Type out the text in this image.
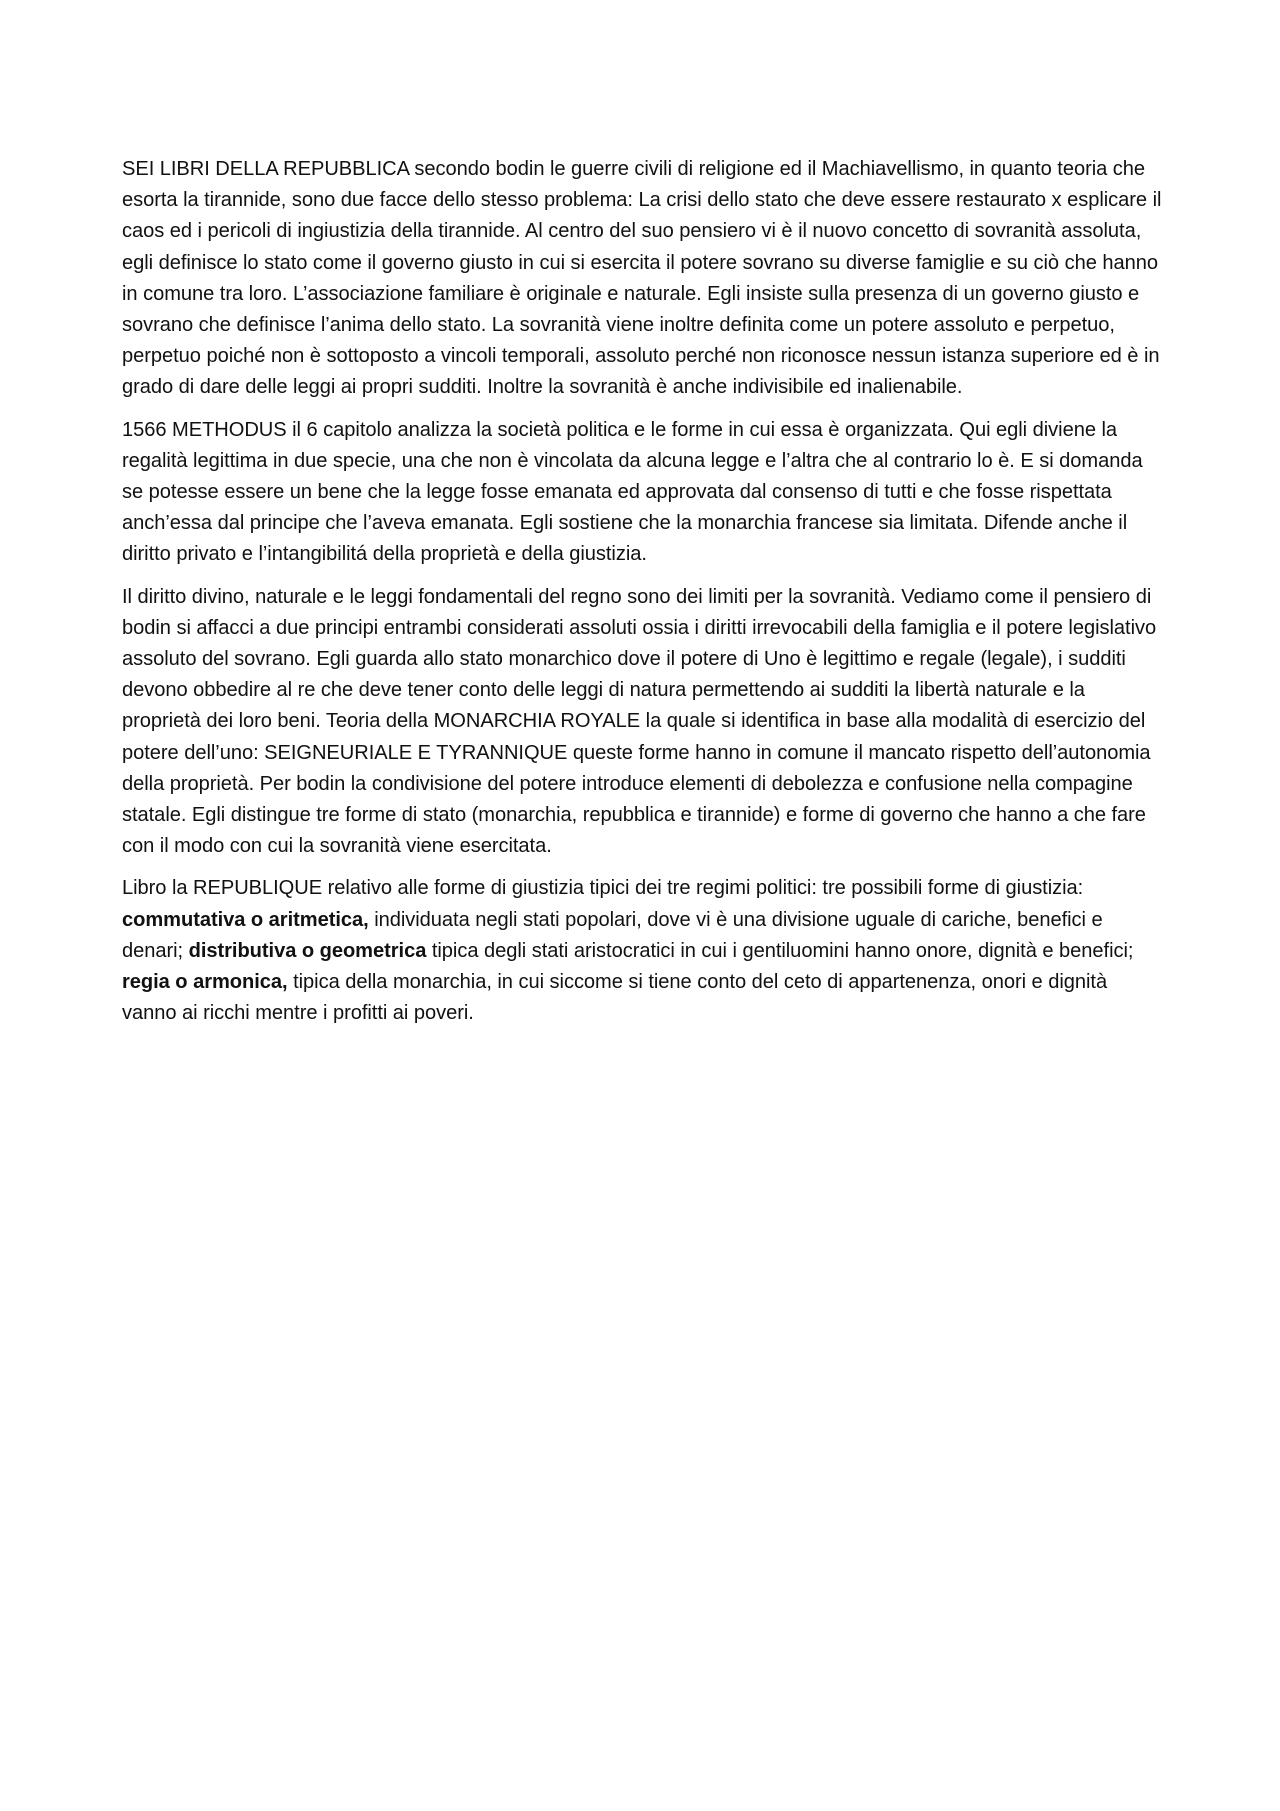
SEI LIBRI DELLA REPUBBLICA secondo bodin le guerre civili di religione ed il Machiavellismo, in quanto teoria che esorta la tirannide, sono due facce dello stesso problema: La crisi dello stato che deve essere restaurato x esplicare il caos ed i pericoli di ingiustizia della tirannide. Al centro del suo pensiero vi è il nuovo concetto di sovranità assoluta, egli definisce lo stato come il governo giusto in cui si esercita il potere sovrano su diverse famiglie e su ciò che hanno in comune tra loro. L’associazione familiare è originale e naturale. Egli insiste sulla presenza di un governo giusto e sovrano che definisce l’anima dello stato. La sovranità viene inoltre definita come un potere assoluto e perpetuo, perpetuo poiché non è sottoposto a vincoli temporali, assoluto perché non riconosce nessun istanza superiore ed è in grado di dare delle leggi ai propri sudditi. Inoltre la sovranità è anche indivisibile ed inalienabile.

1566 METHODUS il 6 capitolo analizza la società politica e le forme in cui essa è organizzata. Qui egli diviene la regalità legittima in due specie, una che non è vincolata da alcuna legge e l’altra che al contrario lo è. E si domanda se potesse essere un bene che la legge fosse emanata ed approvata dal consenso di tutti e che fosse rispettata anch’essa dal principe che l’aveva emanata. Egli sostiene che la monarchia francese sia limitata. Difende anche il diritto privato e l’intangibilitá della proprietà e della giustizia.

Il diritto divino, naturale e le leggi fondamentali del regno sono dei limiti per la sovranità. Vediamo come il pensiero di bodin si affacci a due principi entrambi considerati assoluti ossia i diritti irrevocabili della famiglia e il potere legislativo assoluto del sovrano. Egli guarda allo stato monarchico dove il potere di Uno è legittimo e regale (legale), i sudditi devono obbedire al re che deve tener conto delle leggi di natura permettendo ai sudditi la libertà naturale e la proprietà dei loro beni. Teoria della MONARCHIA ROYALE la quale si identifica in base alla modalità di esercizio del potere dell’uno: SEIGNEURIALE E TYRANNIQUE queste forme hanno in comune il mancato rispetto dell’autonomia della proprietà. Per bodin la condivisione del potere introduce elementi di debolezza e confusione nella compagine statale. Egli distingue tre forme di stato (monarchia, repubblica e tirannide) e forme di governo che hanno a che fare con il modo con cui la sovranità viene esercitata.

Libro la REPUBLIQUE relativo alle forme di giustizia tipici dei tre regimi politici: tre possibili forme di giustizia: commutativa o aritmetica, individuata negli stati popolari, dove vi è una divisione uguale di cariche, benefici e denari; distributiva o geometrica tipica degli stati aristocratici in cui i gentiluomini hanno onore, dignità e benefici; regia o armonica, tipica della monarchia, in cui siccome si tiene conto del ceto di appartenenza, onori e dignità vanno ai ricchi mentre i profitti ai poveri.
